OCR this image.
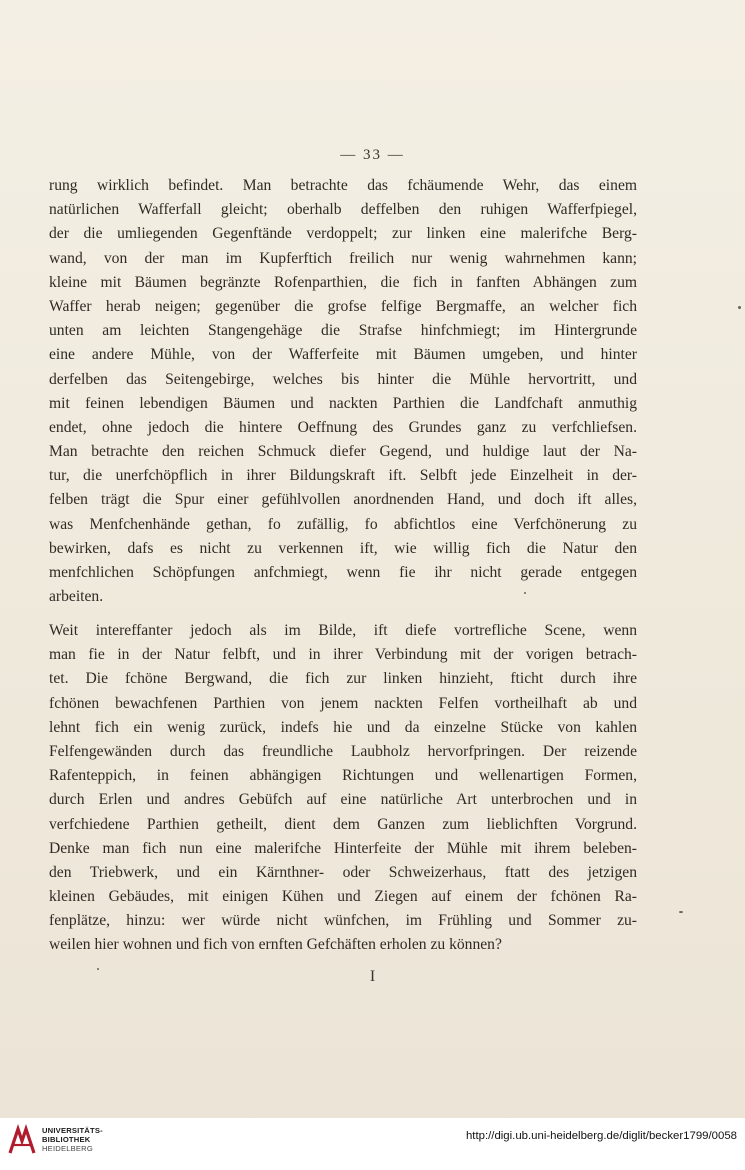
— 33 —
rung wirklich befindet. Man betrachte das fchäumende Wehr, das einem
natürlichen Wafferfall gleicht; oberhalb deffelben den ruhigen Wafferfpiegel,
der die umliegenden Gegenftände verdoppelt; zur linken eine malerifche Berg-
wand, von der man im Kupferftich freilich nur wenig wahrnehmen kann;
kleine mit Bäumen begränzte Rofenparthien, die fich in fanften Abhängen zum
Waffer herab neigen; gegenüber die grofse felfige Bergmaffe, an welcher fich
unten am leichten Stangengehäge die Strafse hinfchmiegt; im Hintergrunde
eine andere Mühle, von der Wafferfeite mit Bäumen umgeben, und hinter
derfelben das Seitengebirge, welches bis hinter die Mühle hervortritt, und
mit feinen lebendigen Bäumen und nackten Parthien die Landfchaft anmuthig
endet, ohne jedoch die hintere Oeffnung des Grundes ganz zu verfchliefsen.
Man betrachte den reichen Schmuck diefer Gegend, und huldige laut der Na-
tur, die unerfchöpflich in ihrer Bildungskraft ift. Selbft jede Einzelheit in der-
felben trägt die Spur einer gefühlvollen anordnenden Hand, und doch ift alles,
was Menfchenhände gethan, fo zufällig, fo abfichtlos eine Verfchönerung zu
bewirken, dafs es nicht zu verkennen ift, wie willig fich die Natur den
menfchlichen Schöpfungen anfchmiegt, wenn fie ihr nicht gerade entgegen
arbeiten.
Weit intereffanter jedoch als im Bilde, ift diefe vortrefliche Scene, wenn
man fie in der Natur felbft, und in ihrer Verbindung mit der vorigen betrach-
tet. Die fchöne Bergwand, die fich zur linken hinzieht, fticht durch ihre
fchönen bewachfenen Parthien von jenem nackten Felfen vortheilhaft ab und
lehnt fich ein wenig zurück, indefs hie und da einzelne Stücke von kahlen
Felfengewänden durch das freundliche Laubholz hervorfpringen. Der reizende
Rafenteppich, in feinen abhängigen Richtungen und wellenartigen Formen,
durch Erlen und andres Gebüfch auf eine natürliche Art unterbrochen und in
verfchiedene Parthien getheilt, dient dem Ganzen zum lieblichften Vorgrund.
Denke man fich nun eine malerifche Hinterfeite der Mühle mit ihrem beleben-
den Triebwerk, und ein Kärnthner- oder Schweizerhaus, ftatt des jetzigen
kleinen Gebäudes, mit einigen Kühen und Ziegen auf einem der fchönen Ra-
fenplätze, hinzu: wer würde nicht wünfchen, im Frühling und Sommer zu-
weilen hier wohnen und fich von ernften Gefchäften erholen zu können?
I
UNIVERSITÄTS-
BIBLIOTHEK
HEIDELBERG
http://digi.ub.uni-heidelberg.de/diglit/becker1799/0058
